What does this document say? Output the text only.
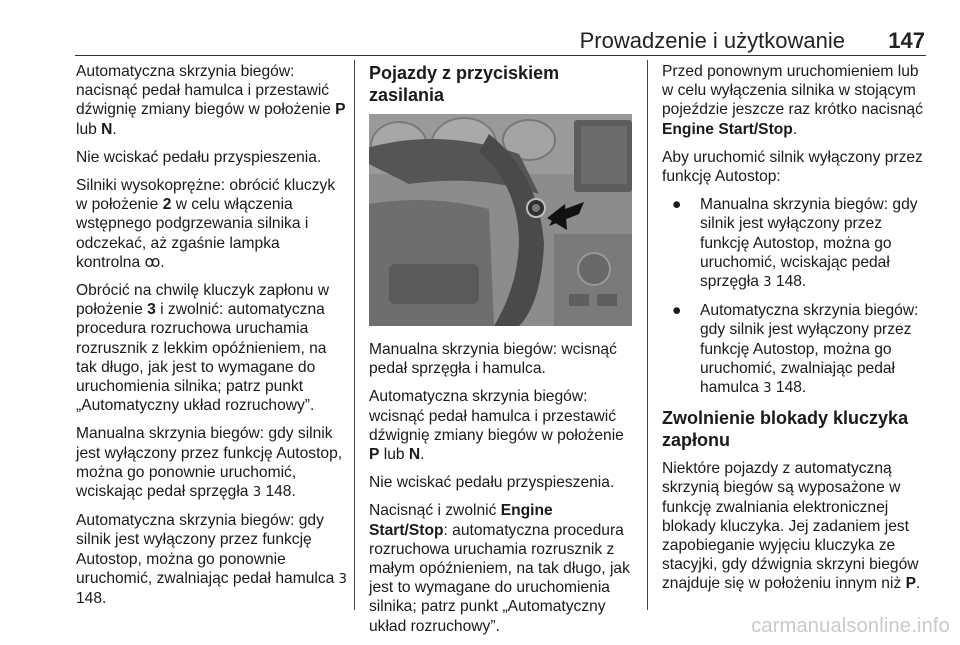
Prowadzenie i użytkowanie 147

Automatyczna skrzynia biegów: nacisnąć pedał hamulca i przestawić dźwignię zmiany biegów w położenie P lub N.

Nie wciskać pedału przyspieszenia.

Silniki wysokoprężne: obrócić kluczyk w położenie 2 w celu włączenia wstępnego podgrzewania silnika i odczekać, aż zgaśnie lampka kontrolna ꝏ.

Obrócić na chwilę kluczyk zapłonu w położenie 3 i zwolnić: automatyczna procedura rozruchowa uruchamia rozrusznik z lekkim opóźnieniem, na tak długo, jak jest to wymagane do uruchomienia silnika; patrz punkt „Automatyczny układ rozruchowy”.

Manualna skrzynia biegów: gdy silnik jest wyłączony przez funkcję Autostop, można go ponownie uruchomić, wciskając pedał sprzęgła 3 148.

Automatyczna skrzynia biegów: gdy silnik jest wyłączony przez funkcję Autostop, można go ponownie uruchomić, zwalniając pedał hamulca 3 148.

Pojazdy z przyciskiem zasilania

Manualna skrzynia biegów: wcisnąć pedał sprzęgła i hamulca.

Automatyczna skrzynia biegów: wcisnąć pedał hamulca i przestawić dźwignię zmiany biegów w położenie P lub N.

Nie wciskać pedału przyspieszenia.

Nacisnąć i zwolnić Engine Start/Stop: automatyczna procedura rozruchowa uruchamia rozrusznik z małym opóźnieniem, na tak długo, jak jest to wymagane do uruchomienia silnika; patrz punkt „Automatyczny układ rozruchowy”.

Przed ponownym uruchomieniem lub w celu wyłączenia silnika w stojącym pojeździe jeszcze raz krótko nacisnąć Engine Start/Stop.

Aby uruchomić silnik wyłączony przez funkcję Autostop:

●	Manualna skrzynia biegów: gdy silnik jest wyłączony przez funkcję Autostop, można go uruchomić, wciskając pedał sprzęgła 3 148.
●	Automatyczna skrzynia biegów: gdy silnik jest wyłączony przez funkcję Autostop, można go uruchomić, zwalniając pedał hamulca 3 148.
Zwolnienie blokady kluczyka zapłonu

Niektóre pojazdy z automatyczną skrzynią biegów są wyposażone w funkcję zwalniania elektronicznej blokady kluczyka. Jej zadaniem jest zapobieganie wyjęciu kluczyka ze stacyjki, gdy dźwignia skrzyni biegów znajduje się w położeniu innym niż P.

carmanualsonline.info
